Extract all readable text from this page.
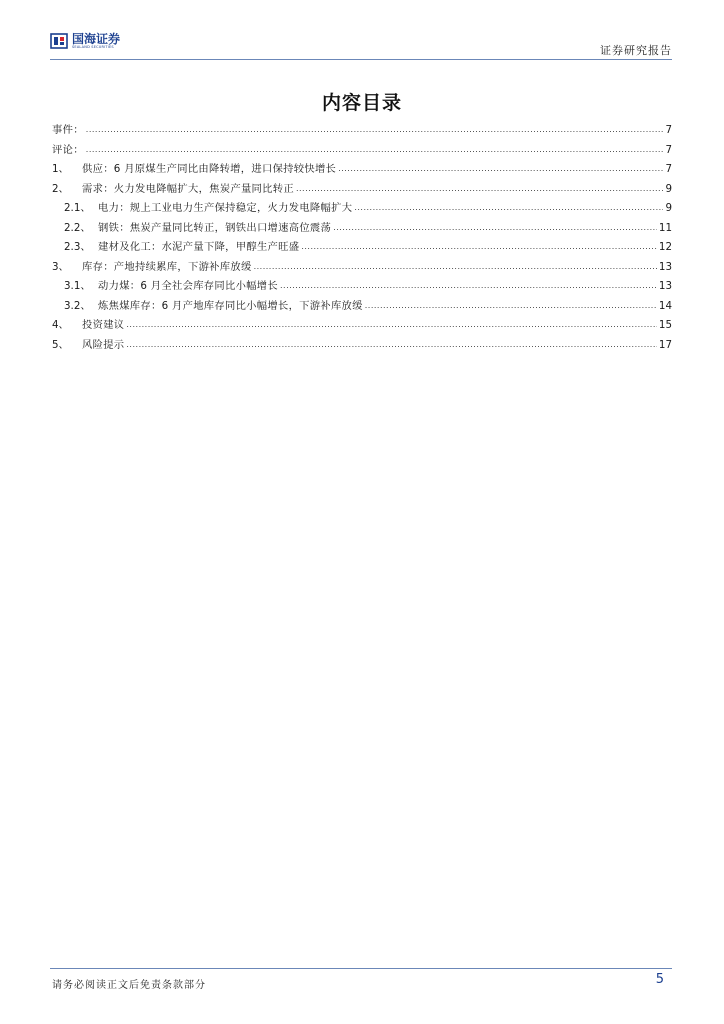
国海证券
SEALAND SECURITIES	证券研究报告
内容目录
事件： .....	7
评论： .....	7
1、	供应：6 月原煤生产同比由降转增，进口保持较快增长 .....	7
2、	需求：火力发电降幅扩大，焦炭产量同比转正 .....	9
2.1、 电力：规上工业电力生产保持稳定，火力发电降幅扩大 .....	9
2.2、 钢铁：焦炭产量同比转正，钢铁出口增速高位震荡 .....	11
2.3、 建材及化工：水泥产量下降，甲醇生产旺盛 .....	12
3、	库存：产地持续累库，下游补库放缓 .....	13
3.1、 动力煤：6 月全社会库存同比小幅增长 .....	13
3.2、 炼焦煤库存：6 月产地库存同比小幅增长，下游补库放缓 .....	14
4、	投资建议 .....	15
5、	风险提示 .....	17
请务必阅读正文后免责条款部分	5
